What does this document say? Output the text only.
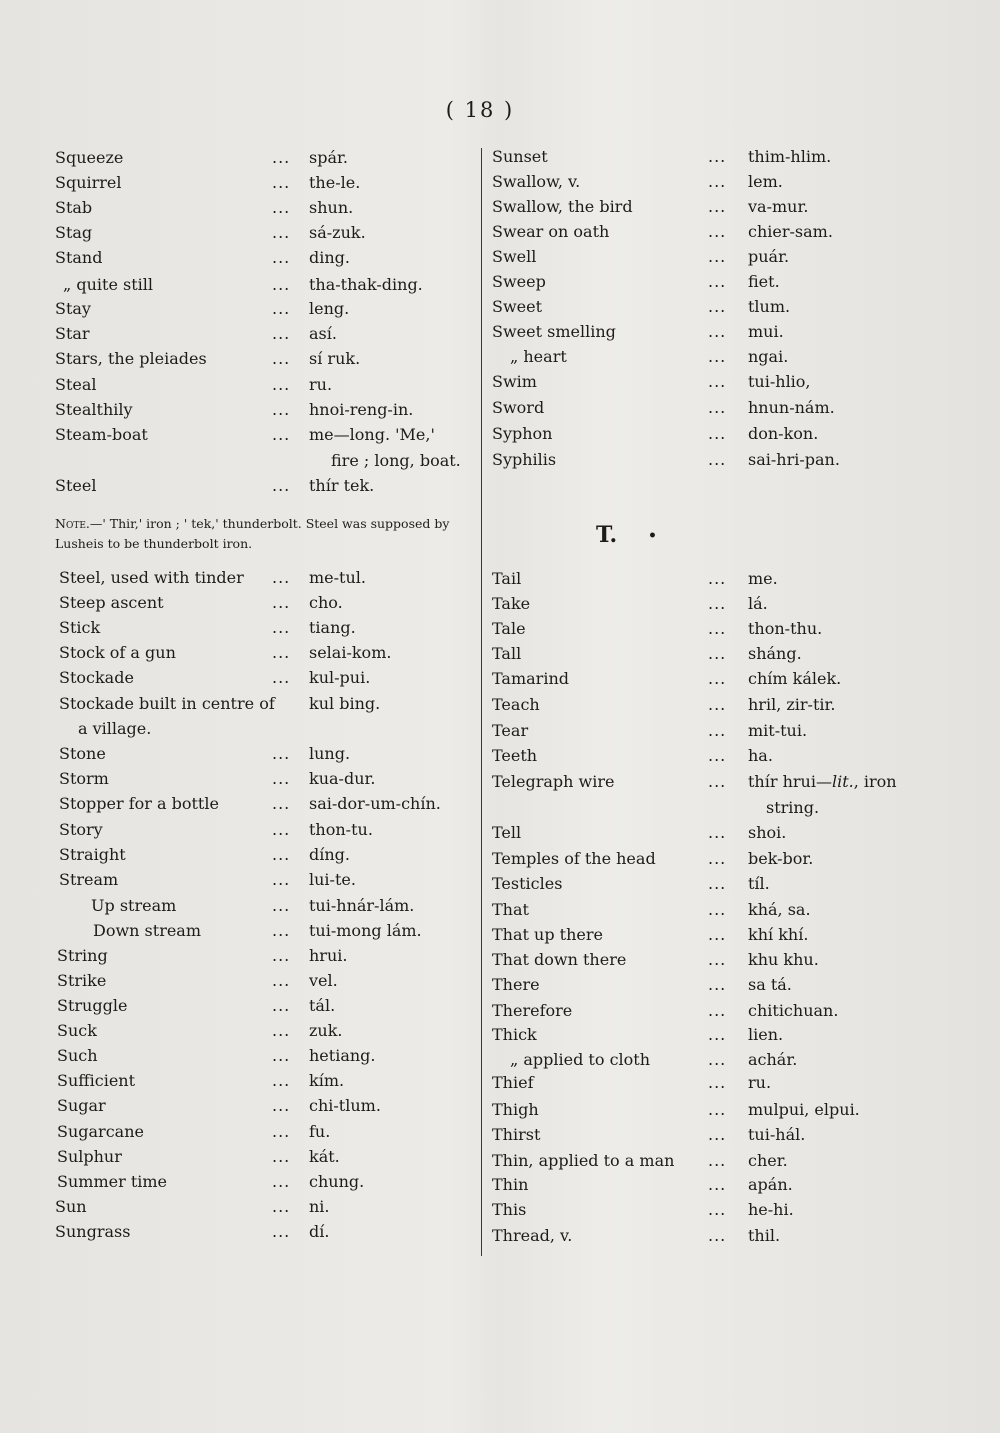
( 18 )
Squeeze	... spár.
Squirrel	... the-le.
Stab	... shun.
Stag	... sá-zuk.
Stand	... ding.
„ quite still	... tha-thak-ding.
Stay	... leng.
Star	... así.
Stars, the pleiades	... sí ruk.
Steal	... ru.
Stealthily	... hnoi-reng-in.
Steam-boat	... me—long. 'Me,'
fire ; long, boat.
Steel	... thír tek.
Note.—' Thir,' iron ; ' tek,' thunderbolt. Steel was supposed by Lusheis to be thunderbolt iron.
Steel, used with tinder ... me-tul.
Steep ascent	... cho.
Stick	... tiang.
Stock of a gun	... selai-kom.
Stockade	... kul-pui.
Stockade built in centre of kul bing.
a village.
Stone	... lung.
Storm	... kua-dur.
Stopper for a bottle	... sai-dor-um-chín.
Story	... thon-tu.
Straight	... díng.
Stream	... lui-te.
Up stream	... tui-hnár-lám.
Down stream	... tui-mong lám.
String	... hrui.
Strike	... vel.
Struggle	... tál.
Suck	... zuk.
Such	... hetiang.
Sufficient	... kím.
Sugar	... chi-tlum.
Sugarcane	... fu.
Sulphur	... kát.
Summer time	... chung.
Sun	... ni.
Sungrass	... dí.
Sunset	... thim-hlim.
Swallow, v.	... lem.
Swallow, the bird	... va-mur.
Swear on oath	... chier-sam.
Swell	... puár.
Sweep	... fiet.
Sweet	... tlum.
Sweet smelling	... mui.
„ heart	... ngai.
Swim	... tui-hlio,
Sword	... hnun-nám.
Syphon	... don-kon.
Syphilis	... sai-hri-pan.
T. •
Tail	... me.
Take	... lá.
Tale	... thon-thu.
Tall	... sháng.
Tamarind	... chím kálek.
Teach	... hril, zir-tir.
Tear	... mit-tui.
Teeth	... ha.
Telegraph wire	... thír hrui—lit., iron
string.
Tell	... shoi.
Temples of the head	... bek-bor.
Testicles	... tíl.
That	... khá, sa.
That up there	... khí khí.
That down there	... khu khu.
There	... sa tá.
Therefore	... chitichuan.
Thick	... lien.
„ applied to cloth	... achár.
Thief	... ru.
Thigh	... mulpui, elpui.
Thirst	... tui-hál.
Thin, applied to a man ... cher.
Thin	... apán.
This	... he-hi.
Thread, v.	... thil.
